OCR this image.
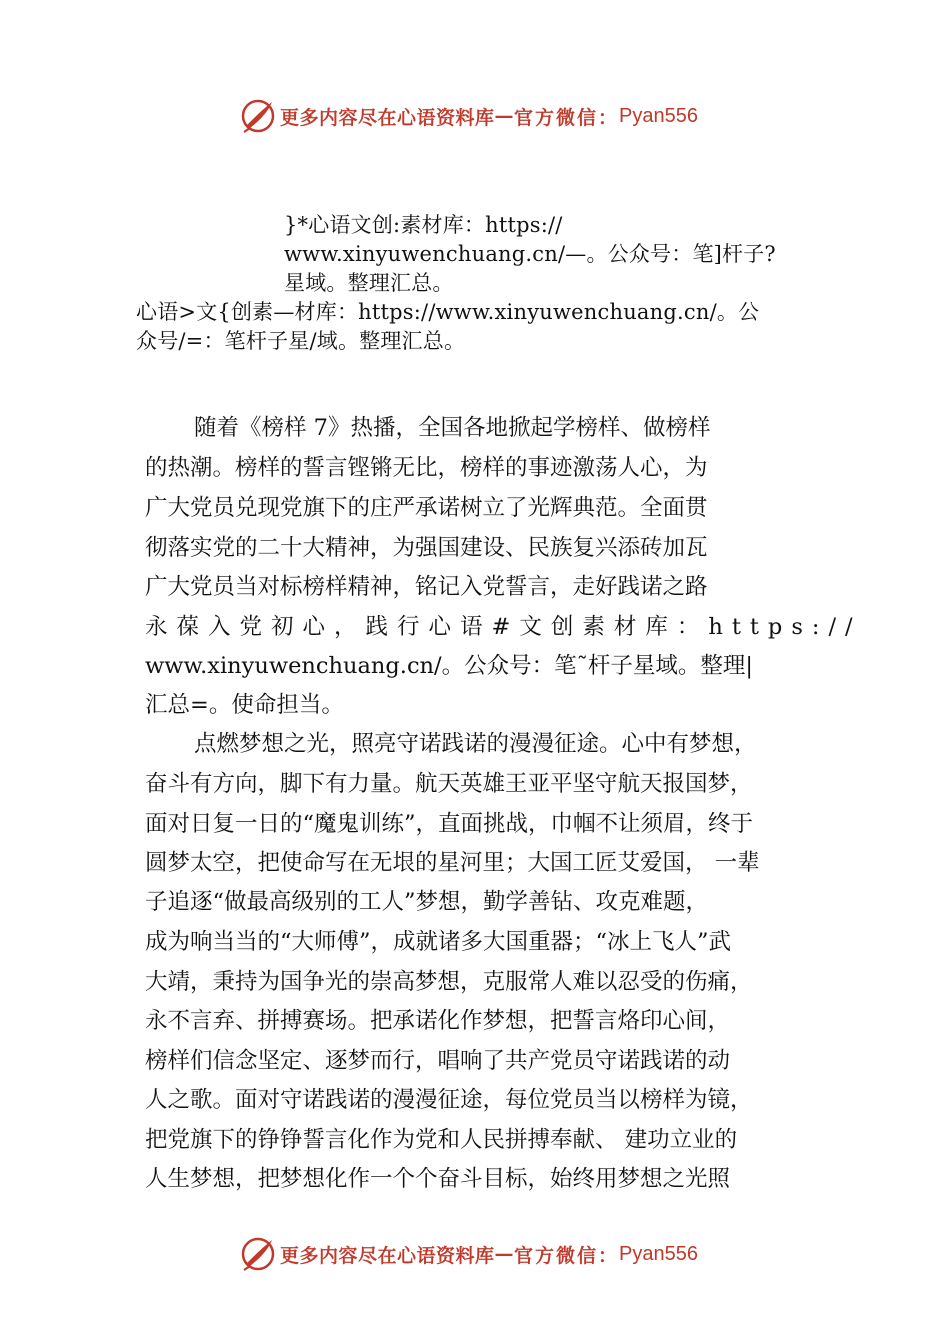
更多内容尽在心语资料库 — 官方微信： Pyan556
}*心语文创:素材库：https://
www.xinyuwenchuang.cn/—。公众号：笔]杆子?
星域。整理汇总。
心语>文{创素—材库：https://www.xinyuwenchuang.cn/。公
众号/=：笔杆子星/域。整理汇总。
随着《榜样 7》热播，全国各地掀起学榜样、做榜样
的热潮。榜样的誓言铿锵无比，榜样的事迹激荡人心，为
广大党员兑现党旗下的庄严承诺树立了光辉典范。全面贯
彻落实党的二十大精神，为强国建设、民族复兴添砖加瓦
广大党员当对标榜样精神，铭记入党誓言，走好践诺之路
永葆入党初心，践行心语#文创素材库：https://
www.xinyuwenchuang.cn/。公众号：笔˜杆子星域。整理|
汇总=。使命担当。
点燃梦想之光，照亮守诺践诺的漫漫征途。心中有梦想，
奋斗有方向，脚下有力量。航天英雄王亚平坚守航天报国梦，
面对日复一日的“魔鬼训练”，直面挑战，巾帼不让须眉，终于
圆梦太空，把使命写在无垠的星河里；大国工匠艾爱国， 一辈
子追逐“做最高级别的工人”梦想，勤学善钻、攻克难题，
成为响当当的“大师傅”，成就诸多大国重器；“冰上飞人”武
大靖，秉持为国争光的崇高梦想，克服常人难以忍受的伤痛，
永不言弃、拼搏赛场。把承诺化作梦想，把誓言烙印心间，
榜样们信念坚定、逐梦而行，唱响了共产党员守诺践诺的动
人之歌。面对守诺践诺的漫漫征途，每位党员当以榜样为镜，
把党旗下的铮铮誓言化作为党和人民拼搏奉献、 建功立业的
人生梦想，把梦想化作一个个奋斗目标，始终用梦想之光照
更多内容尽在心语资料库 — 官方微信： Pyan556
